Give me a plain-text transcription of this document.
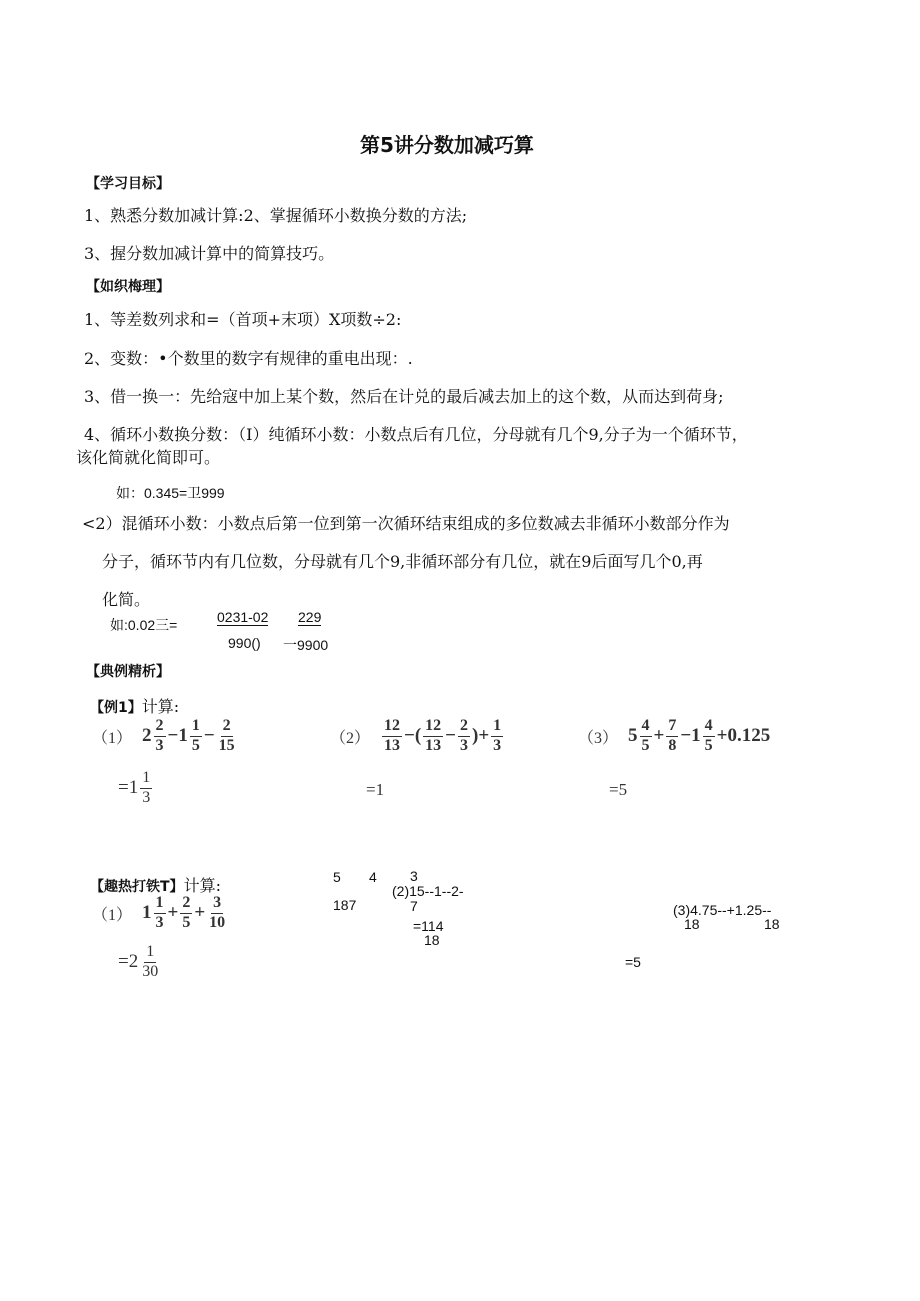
第5讲分数加减巧算
【学习目标】
1、熟悉分数加减计算:2、掌握循环小数换分数的方法;
3、握分数加减计算中的简算技巧。
【如织梅理】
1、等差数列求和=（首项+末项）X项数÷2:
2、变数：•个数里的数字有规律的重电出现：.
3、借一换一：先给寇中加上某个数，然后在计兑的最后减去加上的这个数，从而达到荷身;
4、循环小数换分数：（I）纯循环小数：小数点后有几位，分母就有几个9,分子为一个循环节，
该化简就化简即可。
如：0.345=卫999
<2）混循环小数：小数点后第一位到第一次循环结束组成的多位数减去非循环小数部分作为
分子，循环节内有几位数，分母就有几个9,非循环部分有几位，就在9后面写几个0,再
化简。
如:0.02三=	0231-02
990()
229
一9900
【典例精析】
【例1】计算:
（1） $2 \frac{2}{3} - 1 \frac{1}{5} - \frac{2}{15}$
$=1 \frac{1}{3}$
$(2) \frac{12}{13}$ −( $\frac{12}{13} - \frac{2}{3}$ )+ $\frac{1}{3}$
=1
（3） $5 \frac{4}{5} + \frac{7}{8} -1 \frac{4}{5} +0.125$
=5
【趣热打铁T】计算:
（1） $1 \frac{1}{3} + \frac{2}{5} + \frac{3}{10}$
$=2 \frac{1}{30}$
5 4 3
(2)15--1--2-
187	7
=114
18
(3)4.75--+1.25--
18	18
=5
